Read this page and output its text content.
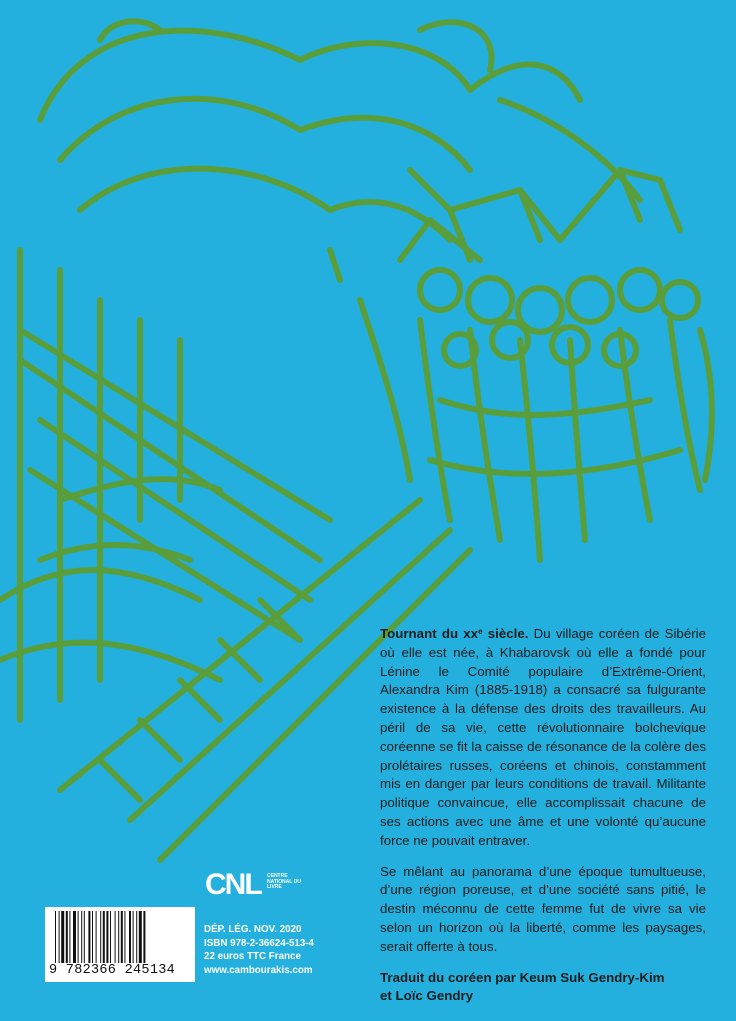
Tournant du $xx^e$ siècle. Du village coréen de Sibérie où elle est née, à Khabarovsk où elle a fondé pour Lénine le Comité populaire d’Extrême-Orient, Alexandra Kim (1885-1918) a consacré sa fulgurante existence à la défense des droits des travailleurs. Au péril de sa vie, cette révolutionnaire bolchevique coréenne se fit la caisse de résonance de la colère des prolétaires russes, coréens et chinois, constamment mis en danger par leurs conditions de travail. Militante politique convaincue, elle accomplissait chacune de ses actions avec une âme et une volonté qu’aucune force ne pouvait entraver.

Se mêlant au panorama d’une époque tumultueuse, d’une région poreuse, et d’une société sans pitié, le destin méconnu de cette femme fut de vivre sa vie selon un horizon où la liberté, comme les paysages, serait offerte à tous.

Traduit du coréen par Keum Suk Gendry-Kim
et Loïc Gendry

CNL CENTRE NATIONAL DU LIVRE
9 782366 245134
DÉP. LÉG. NOV. 2020
ISBN 978-2-36624-513-4
22 euros TTC France
www.cambourakis.com
